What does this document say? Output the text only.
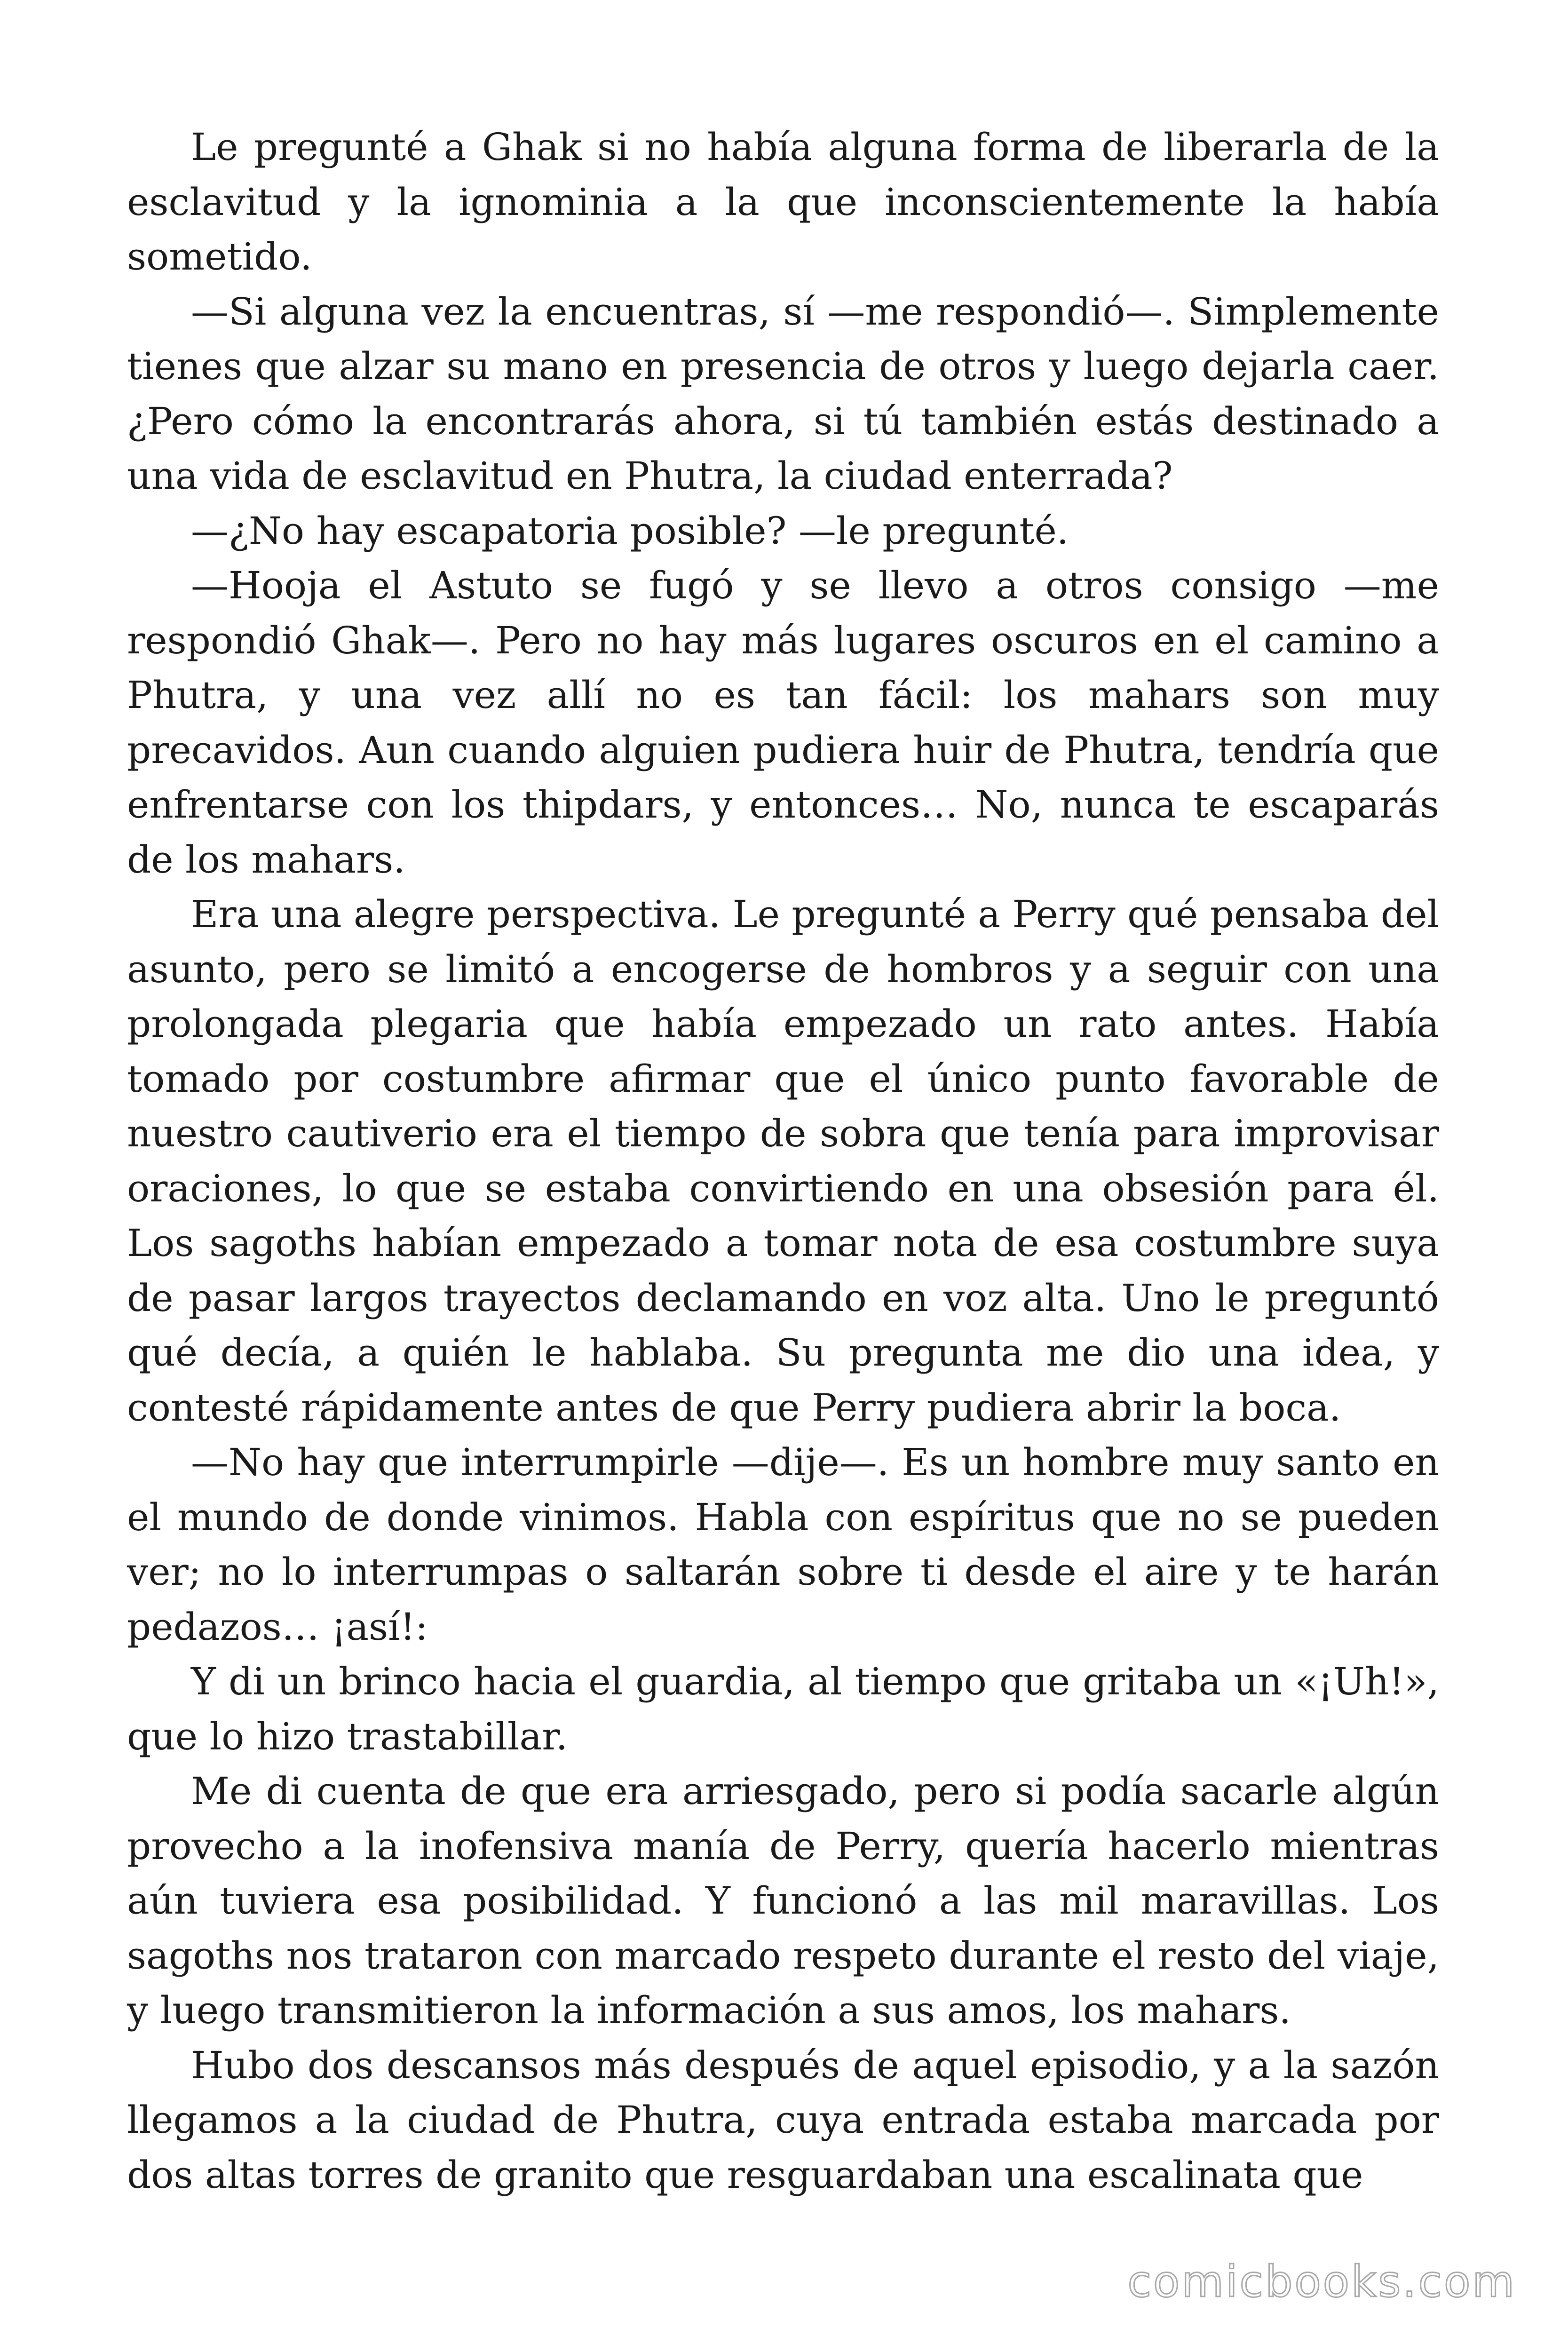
Le pregunté a Ghak si no había alguna forma de liberarla de la esclavitud y la ignominia a la que inconscientemente la había sometido.

—Si alguna vez la encuentras, sí —me respondió—. Simplemente tienes que alzar su mano en presencia de otros y luego dejarla caer. ¿Pero cómo la encontrarás ahora, si tú también estás destinado a una vida de esclavitud en Phutra, la ciudad enterrada?

—¿No hay escapatoria posible? —le pregunté.

—Hooja el Astuto se fugó y se llevo a otros consigo —me respondió Ghak—. Pero no hay más lugares oscuros en el camino a Phutra, y una vez allí no es tan fácil: los mahars son muy precavidos. Aun cuando alguien pudiera huir de Phutra, tendría que enfrentarse con los thipdars, y entonces… No, nunca te escaparás de los mahars.

Era una alegre perspectiva. Le pregunté a Perry qué pensaba del asunto, pero se limitó a encogerse de hombros y a seguir con una prolongada plegaria que había empezado un rato antes. Había tomado por costumbre afirmar que el único punto favorable de nuestro cautiverio era el tiempo de sobra que tenía para improvisar oraciones, lo que se estaba convirtiendo en una obsesión para él. Los sagoths habían empezado a tomar nota de esa costumbre suya de pasar largos trayectos declamando en voz alta. Uno le preguntó qué decía, a quién le hablaba. Su pregunta me dio una idea, y contesté rápidamente antes de que Perry pudiera abrir la boca.

—No hay que interrumpirle —dije—. Es un hombre muy santo en el mundo de donde vinimos. Habla con espíritus que no se pueden ver; no lo interrumpas o saltarán sobre ti desde el aire y te harán pedazos… ¡así!:

Y di un brinco hacia el guardia, al tiempo que gritaba un «¡Uh!», que lo hizo trastabillar.

Me di cuenta de que era arriesgado, pero si podía sacarle algún provecho a la inofensiva manía de Perry, quería hacerlo mientras aún tuviera esa posibilidad. Y funcionó a las mil maravillas. Los sagoths nos trataron con marcado respeto durante el resto del viaje, y luego transmitieron la información a sus amos, los mahars.

Hubo dos descansos más después de aquel episodio, y a la sazón llegamos a la ciudad de Phutra, cuya entrada estaba marcada por dos altas torres de granito que resguardaban una escalinata que

comicbooks.com
